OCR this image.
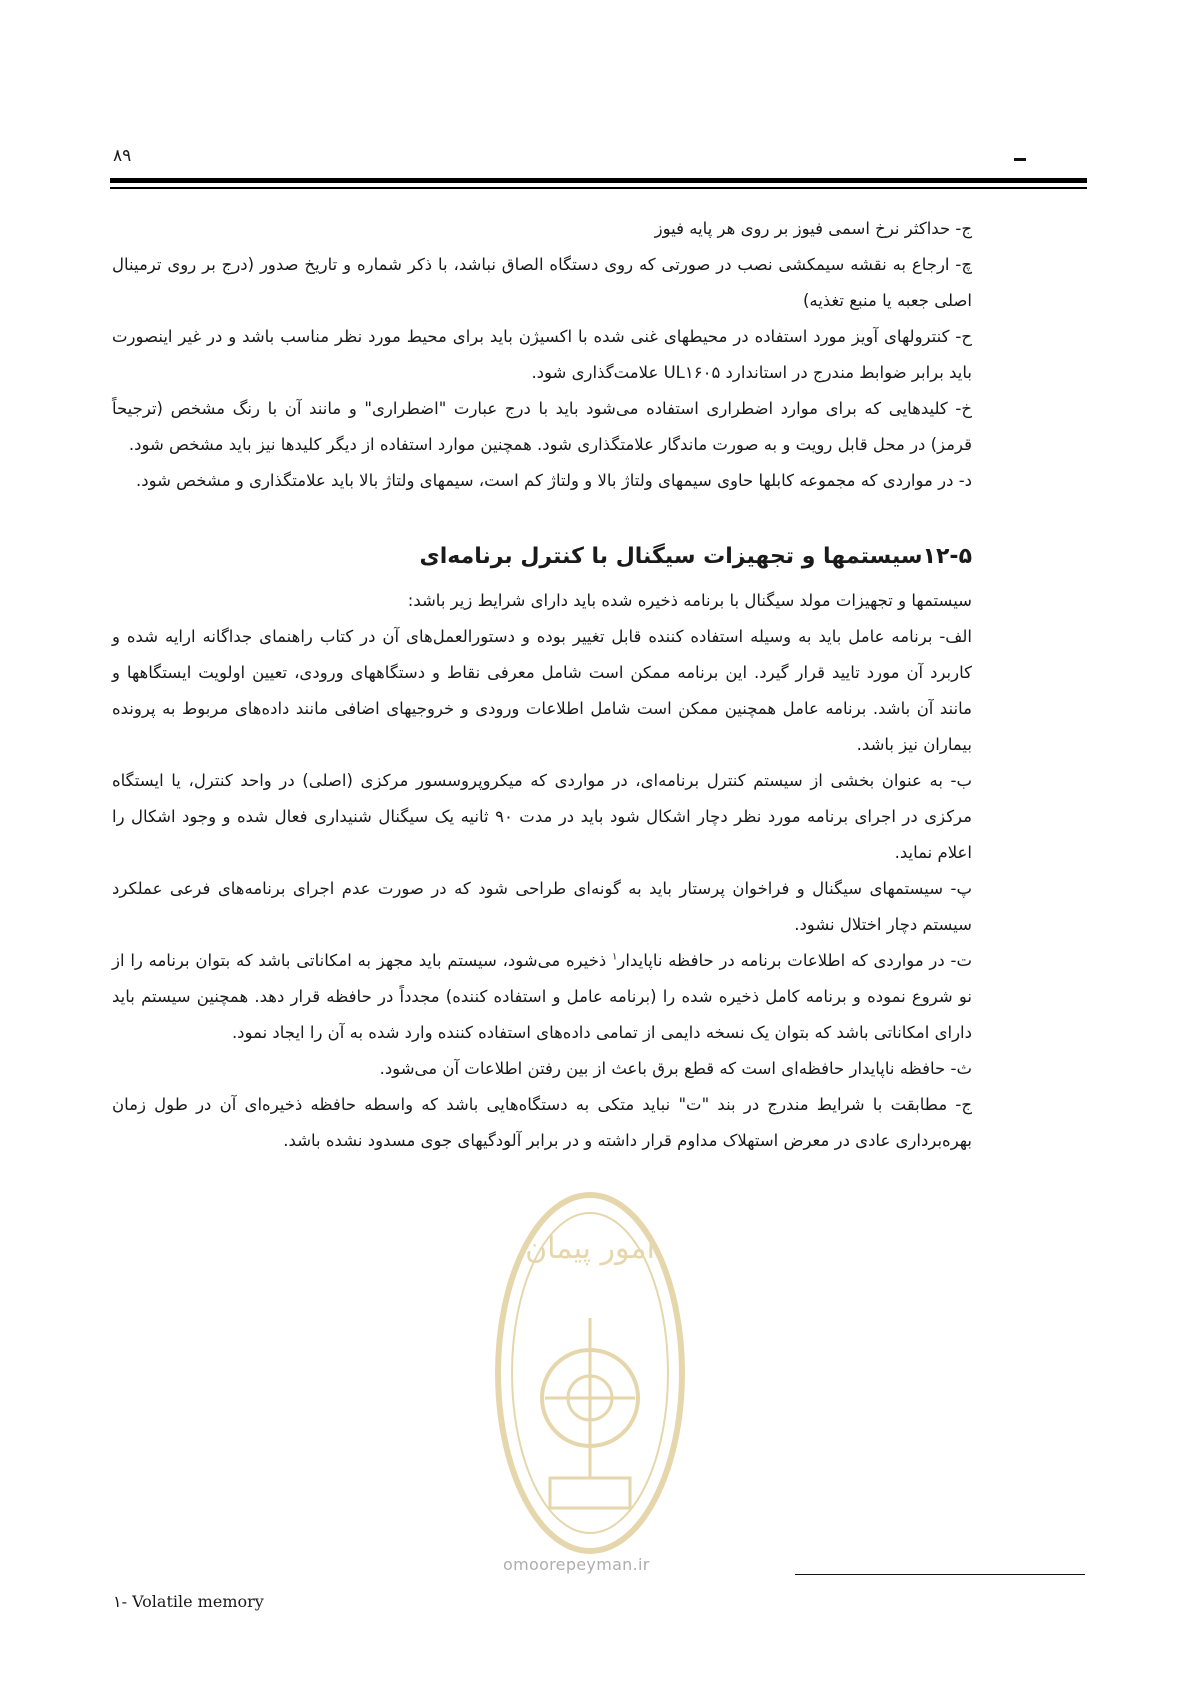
۸۹

ج- حداکثر نرخ اسمی فیوز بر روی هر پایه فیوز

چ- ارجاع به نقشه سیمکشی نصب در صورتی که روی دستگاه الصاق نباشد، با ذکر شماره و تاریخ صدور (درج بر روی ترمینال اصلی جعبه یا منبع تغذیه)

ح- کنترولهای آویز مورد استفاده در محیطهای غنی شده با اکسیژن باید برای محیط مورد نظر مناسب باشد و در غیر اینصورت باید برابر ضوابط مندرج در استاندارد UL۱۶۰۵ علامت‌گذاری شود.

خ- کلیدهایی که برای موارد اضطراری استفاده می‌شود باید با درج عبارت "اضطراری" و مانند آن با رنگ مشخص (ترجیحاً قرمز) در محل قابل رویت و به صورت ماندگار علامتگذاری شود. همچنین موارد استفاده از دیگر کلیدها نیز باید مشخص شود.

د- در مواردی که مجموعه کابلها حاوی سیمهای ولتاژ بالا و ولتاژ کم است، سیمهای ولتاژ بالا باید علامتگذاری و مشخص شود.

۱۲-۵سیستمها و تجهیزات سیگنال با کنترل برنامه‌ای

سیستمها و تجهیزات مولد سیگنال با برنامه ذخیره شده باید دارای شرایط زیر باشد:

الف- برنامه عامل باید به وسیله استفاده کننده قابل تغییر بوده و دستورالعمل‌های آن در کتاب راهنمای جداگانه ارایه شده و کاربرد آن مورد تایید قرار گیرد. این برنامه ممکن است شامل معرفی نقاط و دستگاههای ورودی، تعیین اولویت ایستگاهها و مانند آن باشد. برنامه عامل همچنین ممکن است شامل اطلاعات ورودی و خروجیهای اضافی مانند داده‌های مربوط به پرونده بیماران نیز باشد.

ب- به عنوان بخشی از سیستم کنترل برنامه‌ای، در مواردی که میکروپروسسور مرکزی (اصلی) در واحد کنترل، یا ایستگاه مرکزی در اجرای برنامه مورد نظر دچار اشکال شود باید در مدت ۹۰ ثانیه یک سیگنال شنیداری فعال شده و وجود اشکال را اعلام نماید.

پ- سیستمهای سیگنال و فراخوان پرستار باید به گونه‌ای طراحی شود که در صورت عدم اجرای برنامه‌های فرعی عملکرد سیستم دچار اختلال نشود.

ت- در مواردی که اطلاعات برنامه در حافظه ناپایدار$^۱$ ذخیره می‌شود، سیستم باید مجهز به امکاناتی باشد که بتوان برنامه را از نو شروع نموده و برنامه کامل ذخیره شده را (برنامه عامل و استفاده کننده) مجدداً در حافظه قرار دهد. همچنین سیستم باید دارای امکاناتی باشد که بتوان یک نسخه دایمی از تمامی داده‌های استفاده کننده وارد شده به آن را ایجاد نمود.

ث- حافظه ناپایدار حافظه‌ای است که قطع برق باعث از بین رفتن اطلاعات آن می‌شود.

ج- مطابقت با شرایط مندرج در بند "ت" نباید متکی به دستگاه‌هایی باشد که واسطه حافظه ذخیره‌ای آن در طول زمان بهره‌برداری عادی در معرض استهلاک مداوم قرار داشته و در برابر آلودگیهای جوی مسدود نشده باشد.

امور پیمان
omoorepeyman.ir
۱- Volatile memory
